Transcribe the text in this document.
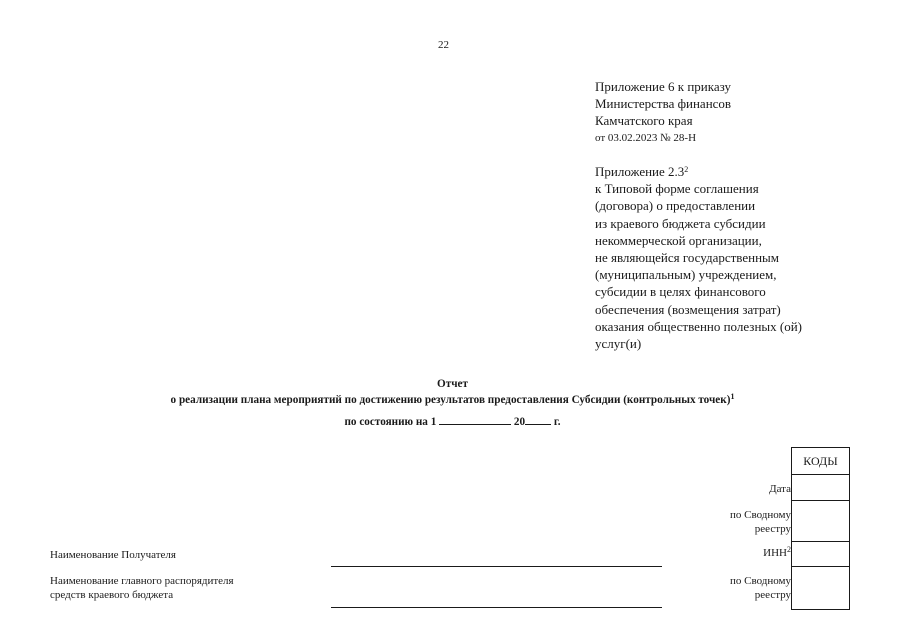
22
Приложение 6 к приказу
Министерства финансов
Камчатского края
от 03.02.2023 № 28-Н
Приложение $2.3^2$
к Типовой форме соглашения
(договора) о предоставлении
из краевого бюджета субсидии
некоммерческой организации,
не являющейся государственным
(муниципальным) учреждением,
субсидии в целях финансового
обеспечения (возмещения затрат)
оказания общественно полезных (ой)
услуг(и)
Отчет
о реализации плана мероприятий по достижению результатов предоставления Субсидии (контрольных точек)$^1$
по состоянию на 1	20	г.
КОДЫ
Дата
по Сводному
реестру
ИНН$^2$
по Сводному
реестру
Наименование Получателя
Наименование главного распорядителя
средств краевого бюджета
